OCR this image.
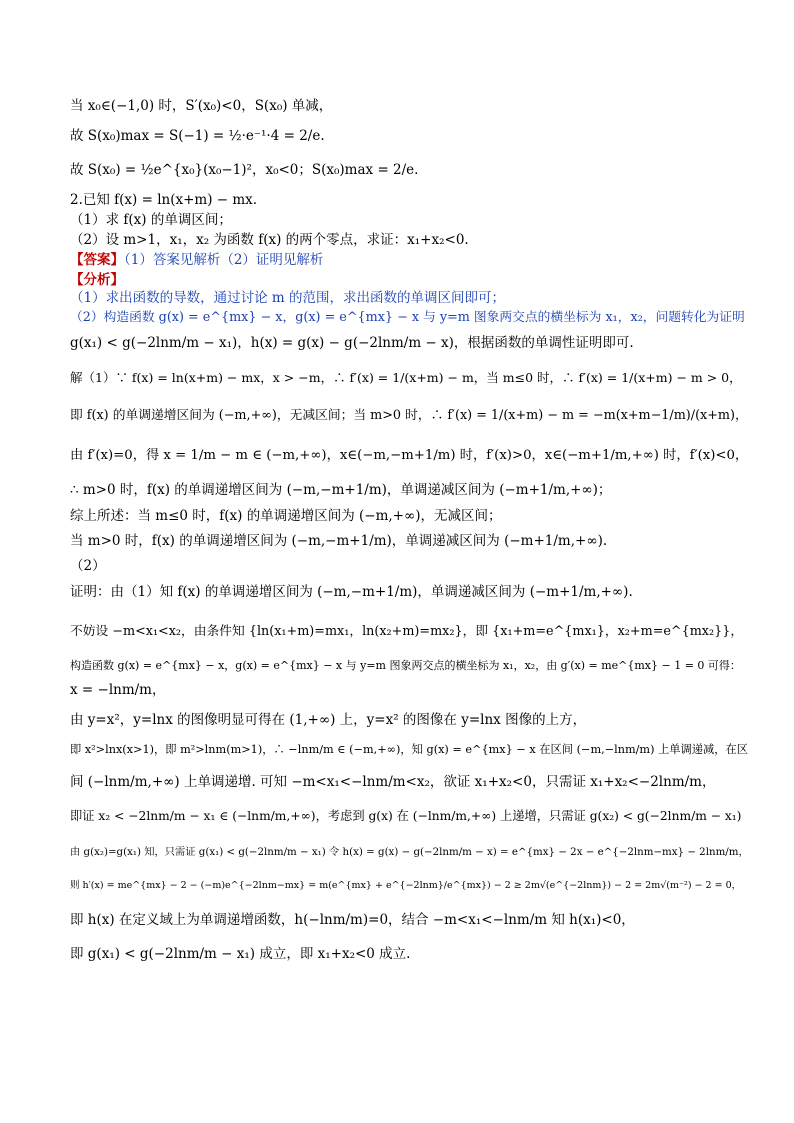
当 x₀∈(−1,0) 时，S′(x₀)<0，S(x₀) 单减，
故 S(x₀)max = S(−1) = ½·e⁻¹·4 = 2/e.
故 S(x₀) = ½e^{x₀}(x₀−1)²，x₀<0；S(x₀)max = 2/e.
2.已知 f(x) = ln(x+m) − mx.
（1）求 f(x) 的单调区间；
（2）设 m>1，x₁，x₂ 为函数 f(x) 的两个零点，求证：x₁+x₂<0.
【答案】（1）答案见解析（2）证明见解析
【分析】
（1）求出函数的导数，通过讨论 m 的范围，求出函数的单调区间即可；
（2）构造函数 g(x) = e^{mx} − x，g(x) = e^{mx} − x 与 y=m 图象两交点的横坐标为 x₁，x₂，问题转化为证明
g(x₁) < g(−2lnm/m − x₁)，h(x) = g(x) − g(−2lnm/m − x)，根据函数的单调性证明即可.
解（1）∵ f(x) = ln(x+m) − mx，x > −m，∴ f′(x) = 1/(x+m) − m，当 m≤0 时，∴ f′(x) = 1/(x+m) − m > 0，
即 f(x) 的单调递增区间为 (−m,+∞)，无减区间；当 m>0 时，∴ f′(x) = 1/(x+m) − m = −m(x+m−1/m)/(x+m)，
由 f′(x)=0，得 x = 1/m − m ∈ (−m,+∞)，x∈(−m,−m+1/m) 时，f′(x)>0，x∈(−m+1/m,+∞) 时，f′(x)<0，
∴ m>0 时，f(x) 的单调递增区间为 (−m,−m+1/m)，单调递减区间为 (−m+1/m,+∞)；
综上所述：当 m≤0 时，f(x) 的单调递增区间为 (−m,+∞)，无减区间；
当 m>0 时，f(x) 的单调递增区间为 (−m,−m+1/m)，单调递减区间为 (−m+1/m,+∞).
（2）
证明：由（1）知 f(x) 的单调递增区间为 (−m,−m+1/m)，单调递减区间为 (−m+1/m,+∞).
不妨设 −m<x₁<x₂，由条件知 {ln(x₁+m)=mx₁，ln(x₂+m)=mx₂}，即 {x₁+m=e^{mx₁}，x₂+m=e^{mx₂}}，
构造函数 g(x) = e^{mx} − x，g(x) = e^{mx} − x 与 y=m 图象两交点的横坐标为 x₁，x₂，由 g′(x) = me^{mx} − 1 = 0 可得：
x = −lnm/m，
由 y=x²，y=lnx 的图像明显可得在 (1,+∞) 上，y=x² 的图像在 y=lnx 图像的上方，
即 x²>lnx(x>1)，即 m²>lnm(m>1)，∴ −lnm/m ∈ (−m,+∞)，知 g(x) = e^{mx} − x 在区间 (−m,−lnm/m) 上单调递减，在区
间 (−lnm/m,+∞) 上单调递增. 可知 −m<x₁<−lnm/m<x₂，欲证 x₁+x₂<0，只需证 x₁+x₂<−2lnm/m，
即证 x₂ < −2lnm/m − x₁ ∈ (−lnm/m,+∞)，考虑到 g(x) 在 (−lnm/m,+∞) 上递增，只需证 g(x₂) < g(−2lnm/m − x₁)
由 g(x₂)=g(x₁) 知，只需证 g(x₁) < g(−2lnm/m − x₁) 令 h(x) = g(x) − g(−2lnm/m − x) = e^{mx} − 2x − e^{−2lnm−mx} − 2lnm/m，
则 h′(x) = me^{mx} − 2 − (−m)e^{−2lnm−mx} = m(e^{mx} + e^{−2lnm}/e^{mx}) − 2 ≥ 2m√(e^{−2lnm}) − 2 = 2m√(m⁻²) − 2 = 0，
即 h(x) 在定义域上为单调递增函数，h(−lnm/m)=0，结合 −m<x₁<−lnm/m 知 h(x₁)<0，
即 g(x₁) < g(−2lnm/m − x₁) 成立，即 x₁+x₂<0 成立.
